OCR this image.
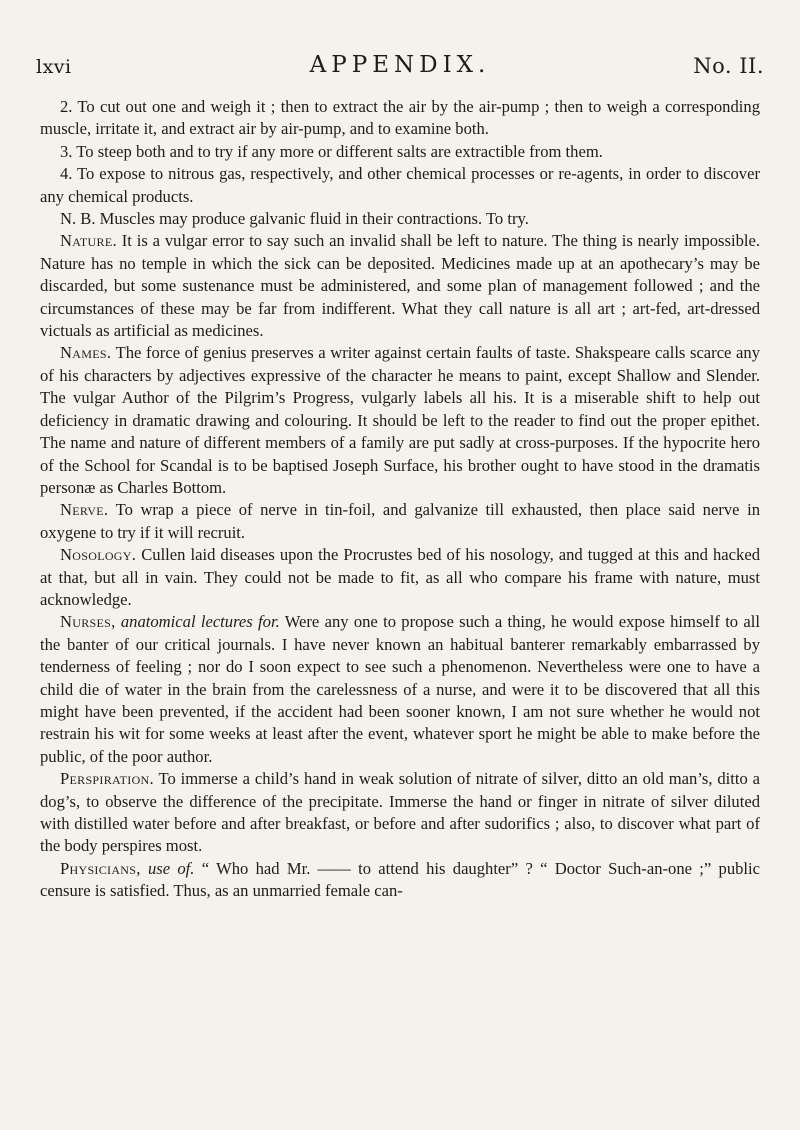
lxvi	APPENDIX.	No. II.

2. To cut out one and weigh it ; then to extract the air by the air-pump ; then to weigh a corresponding muscle, irritate it, and extract air by air-pump, and to examine both.

3. To steep both and to try if any more or different salts are extractible from them.

4. To expose to nitrous gas, respectively, and other chemical processes or re-agents, in order to discover any chemical products.

N. B. Muscles may produce galvanic fluid in their contractions. To try.

Nature. It is a vulgar error to say such an invalid shall be left to nature. The thing is nearly impossible. Nature has no temple in which the sick can be deposited. Medicines made up at an apothecary’s may be discarded, but some sustenance must be administered, and some plan of management followed ; and the circumstances of these may be far from indifferent. What they call nature is all art ; art-fed, art-dressed victuals as artificial as medicines.

Names. The force of genius preserves a writer against certain faults of taste. Shakspeare calls scarce any of his characters by adjectives expressive of the character he means to paint, except Shallow and Slender. The vulgar Author of the Pilgrim’s Progress, vulgarly labels all his. It is a miserable shift to help out deficiency in dramatic drawing and colouring. It should be left to the reader to find out the proper epithet. The name and nature of different members of a family are put sadly at cross-purposes. If the hypocrite hero of the School for Scandal is to be baptised Joseph Surface, his brother ought to have stood in the dramatis personæ as Charles Bottom.

Nerve. To wrap a piece of nerve in tin-foil, and galvanize till exhausted, then place said nerve in oxygene to try if it will recruit.

Nosology. Cullen laid diseases upon the Procrustes bed of his nosology, and tugged at this and hacked at that, but all in vain. They could not be made to fit, as all who compare his frame with nature, must acknowledge.

Nurses, anatomical lectures for. Were any one to propose such a thing, he would expose himself to all the banter of our critical journals. I have never known an habitual banterer remarkably embarrassed by tenderness of feeling ; nor do I soon expect to see such a phenomenon. Nevertheless were one to have a child die of water in the brain from the carelessness of a nurse, and were it to be discovered that all this might have been prevented, if the accident had been sooner known, I am not sure whether he would not restrain his wit for some weeks at least after the event, whatever sport he might be able to make before the public, of the poor author.

Perspiration. To immerse a child’s hand in weak solution of nitrate of silver, ditto an old man’s, ditto a dog’s, to observe the difference of the precipitate. Immerse the hand or finger in nitrate of silver diluted with distilled water before and after breakfast, or before and after sudorifics ; also, to discover what part of the body perspires most.

Physicians, use of. “ Who had Mr. —— to attend his daughter” ? “ Doctor Such-an-one ;” public censure is satisfied. Thus, as an unmarried female can-
